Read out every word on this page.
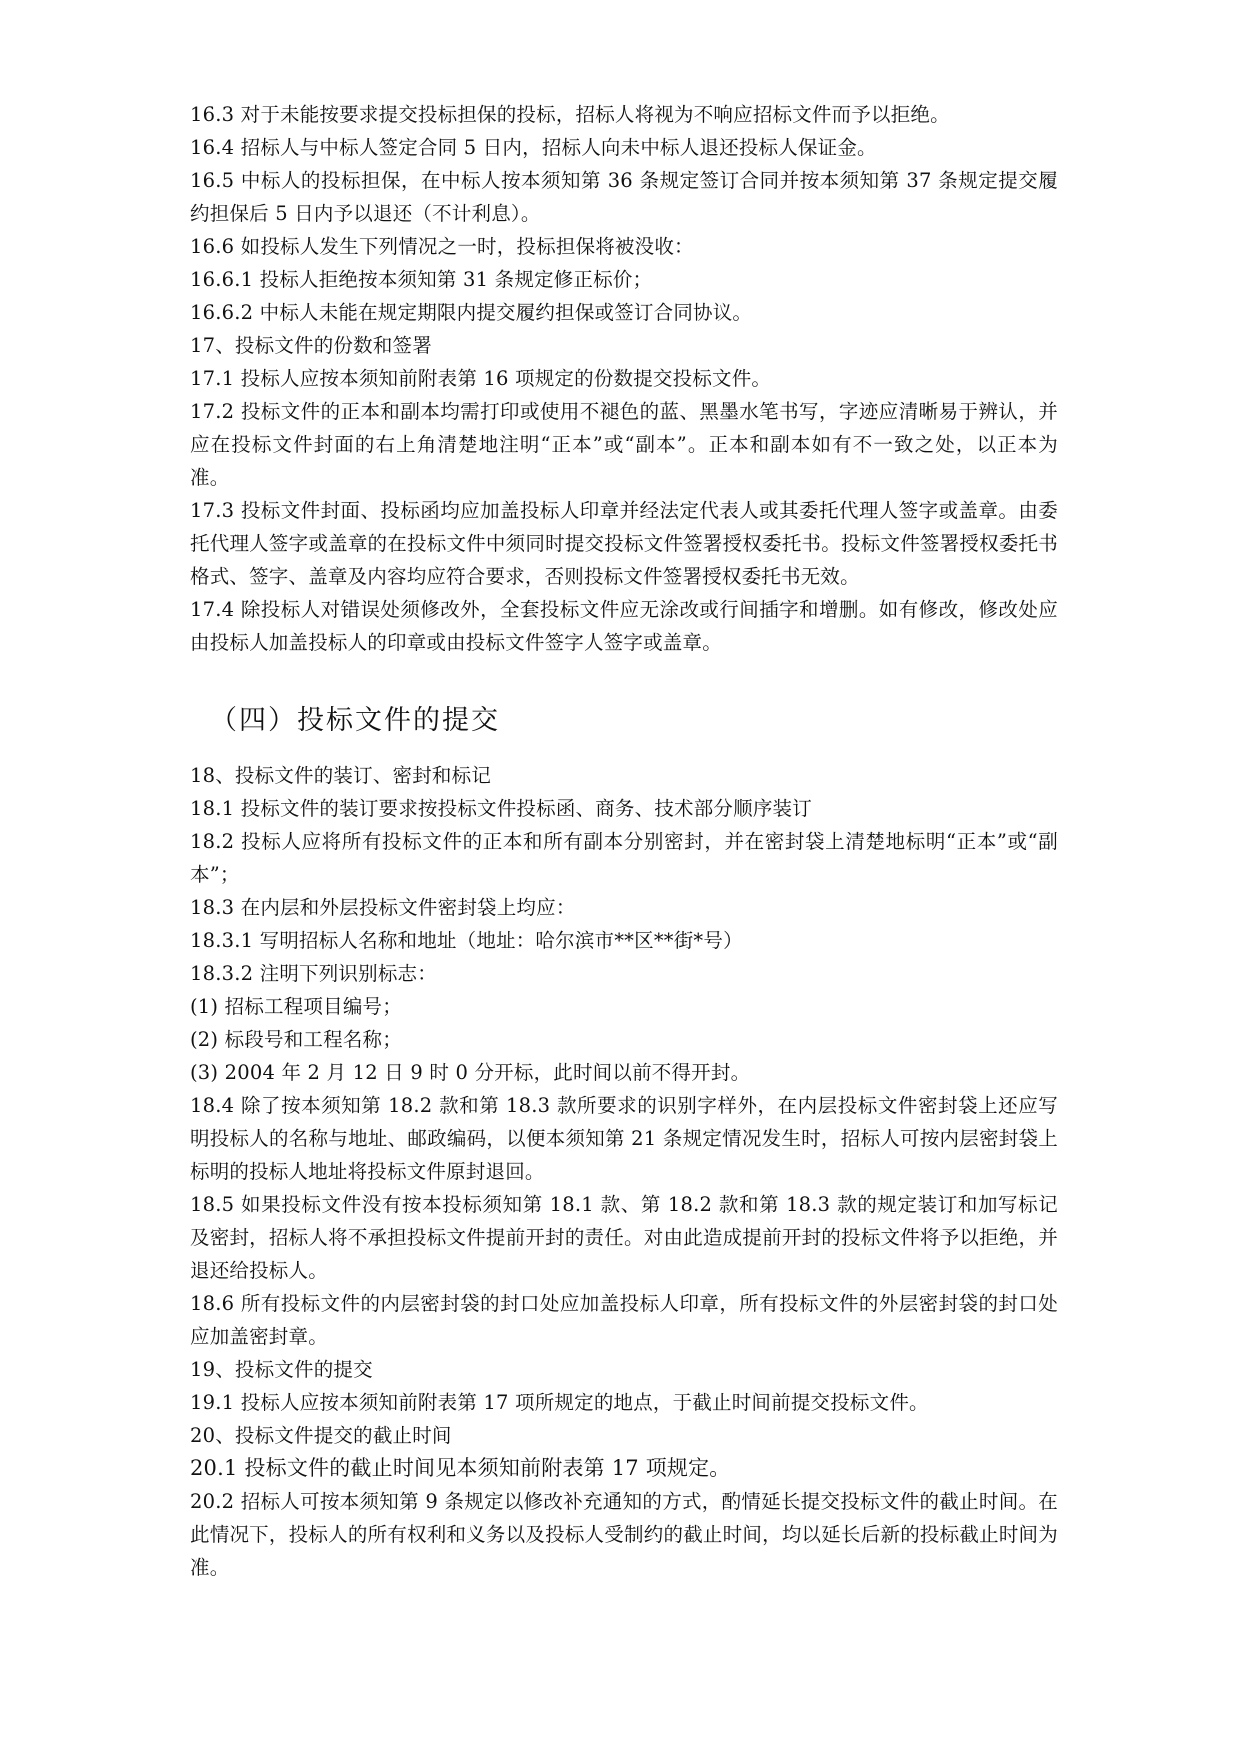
16.3 对于未能按要求提交投标担保的投标，招标人将视为不响应招标文件而予以拒绝。

16.4 招标人与中标人签定合同 5 日内，招标人向未中标人退还投标人保证金。

16.5 中标人的投标担保，在中标人按本须知第 36 条规定签订合同并按本须知第 37 条规定提交履约担保后 5 日内予以退还（不计利息）。

16.6 如投标人发生下列情况之一时，投标担保将被没收：

16.6.1 投标人拒绝按本须知第 31 条规定修正标价；

16.6.2 中标人未能在规定期限内提交履约担保或签订合同协议。

17、投标文件的份数和签署

17.1 投标人应按本须知前附表第 16 项规定的份数提交投标文件。

17.2 投标文件的正本和副本均需打印或使用不褪色的蓝、黑墨水笔书写，字迹应清晰易于辨认，并应在投标文件封面的右上角清楚地注明“正本”或“副本”。正本和副本如有不一致之处，以正本为准。

17.3 投标文件封面、投标函均应加盖投标人印章并经法定代表人或其委托代理人签字或盖章。由委托代理人签字或盖章的在投标文件中须同时提交投标文件签署授权委托书。投标文件签署授权委托书格式、签字、盖章及内容均应符合要求，否则投标文件签署授权委托书无效。

17.4 除投标人对错误处须修改外，全套投标文件应无涂改或行间插字和增删。如有修改，修改处应由投标人加盖投标人的印章或由投标文件签字人签字或盖章。

（四）投标文件的提交

18、投标文件的装订、密封和标记

18.1 投标文件的装订要求按投标文件投标函、商务、技术部分顺序装订

18.2 投标人应将所有投标文件的正本和所有副本分别密封，并在密封袋上清楚地标明“正本”或“副本”；

18.3 在内层和外层投标文件密封袋上均应：

18.3.1 写明招标人名称和地址（地址：哈尔滨市**区**街*号）

18.3.2 注明下列识别标志：

(1) 招标工程项目编号；

(2) 标段号和工程名称；

(3) 2004 年 2 月 12 日 9 时 0 分开标，此时间以前不得开封。

18.4 除了按本须知第 18.2 款和第 18.3 款所要求的识别字样外，在内层投标文件密封袋上还应写明投标人的名称与地址、邮政编码，以便本须知第 21 条规定情况发生时，招标人可按内层密封袋上标明的投标人地址将投标文件原封退回。

18.5 如果投标文件没有按本投标须知第 18.1 款、第 18.2 款和第 18.3 款的规定装订和加写标记及密封，招标人将不承担投标文件提前开封的责任。对由此造成提前开封的投标文件将予以拒绝，并退还给投标人。

18.6 所有投标文件的内层密封袋的封口处应加盖投标人印章，所有投标文件的外层密封袋的封口处应加盖密封章。

19、投标文件的提交

19.1 投标人应按本须知前附表第 17 项所规定的地点，于截止时间前提交投标文件。

20、投标文件提交的截止时间

20.1 投标文件的截止时间见本须知前附表第 17 项规定。

20.2 招标人可按本须知第 9 条规定以修改补充通知的方式，酌情延长提交投标文件的截止时间。在此情况下，投标人的所有权利和义务以及投标人受制约的截止时间，均以延长后新的投标截止时间为准。
